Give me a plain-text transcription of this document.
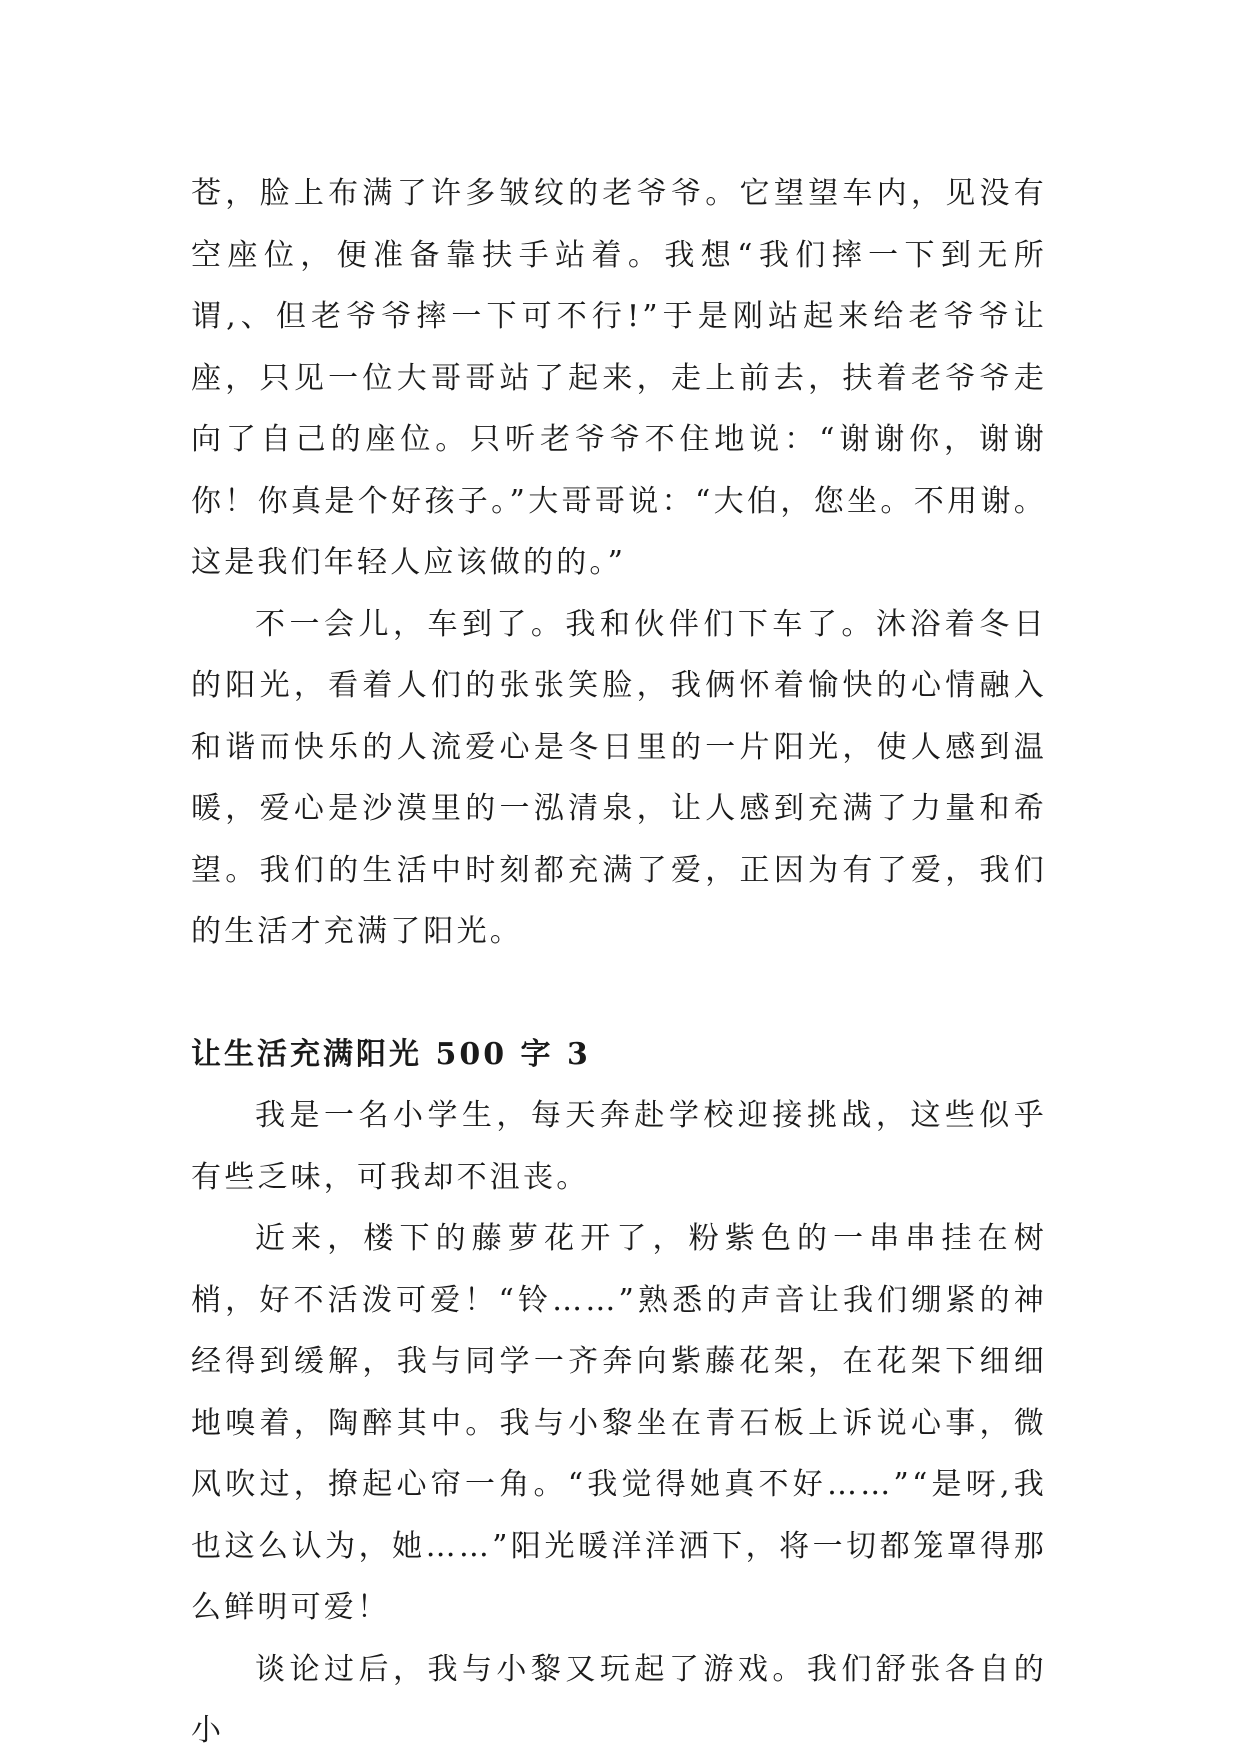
苍，脸上布满了许多皱纹的老爷爷。它望望车内，见没有空座位，便准备靠扶手站着。我想“我们摔一下到无所谓,、但老爷爷摔一下可不行!”于是刚站起来给老爷爷让座，只见一位大哥哥站了起来，走上前去，扶着老爷爷走向了自己的座位。只听老爷爷不住地说：“谢谢你，谢谢你！你真是个好孩子。”大哥哥说：“大伯，您坐。不用谢。这是我们年轻人应该做的的。”

不一会儿，车到了。我和伙伴们下车了。沐浴着冬日的阳光，看着人们的张张笑脸，我俩怀着愉快的心情融入和谐而快乐的人流爱心是冬日里的一片阳光，使人感到温暖，爱心是沙漠里的一泓清泉，让人感到充满了力量和希望。我们的生活中时刻都充满了爱，正因为有了爱，我们的生活才充满了阳光。

让生活充满阳光 500 字 3

我是一名小学生，每天奔赴学校迎接挑战，这些似乎有些乏味，可我却不沮丧。

近来，楼下的藤萝花开了，粉紫色的一串串挂在树梢，好不活泼可爱！“铃……”熟悉的声音让我们绷紧的神经得到缓解，我与同学一齐奔向紫藤花架，在花架下细细地嗅着，陶醉其中。我与小黎坐在青石板上诉说心事，微风吹过，撩起心帘一角。“我觉得她真不好……”“是呀,我也这么认为，她……”阳光暖洋洋洒下，将一切都笼罩得那么鲜明可爱！

谈论过后，我与小黎又玩起了游戏。我们舒张各自的小
